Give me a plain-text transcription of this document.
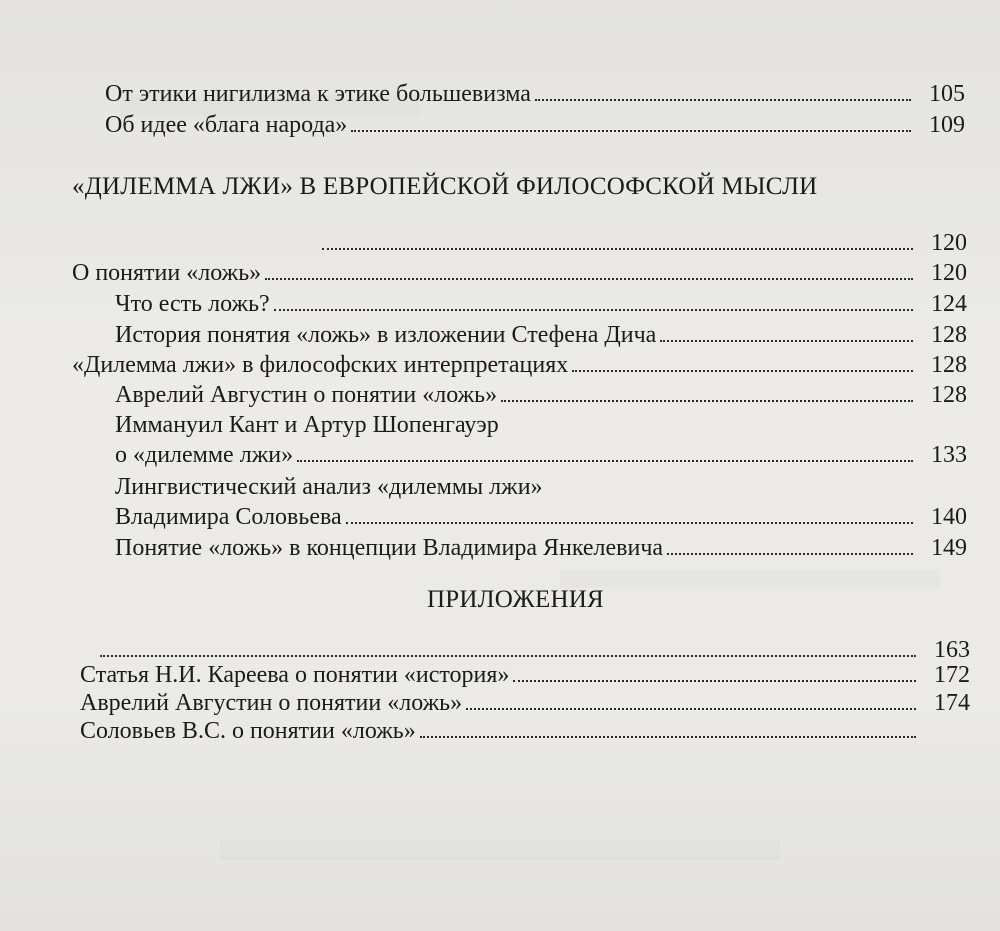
От этики нигилизма к этике большевизма	105
Об идее «блага народа»	109
«ДИЛЕММА ЛЖИ» В ЕВРОПЕЙСКОЙ ФИЛОСОФСКОЙ МЫСЛИ
120
О понятии «ложь»	120
Что есть ложь?	124
История понятия «ложь» в изложении Стефена Дича	128
«Дилемма лжи» в философских интерпретациях	128
Аврелий Августин о понятии «ложь»	128
Иммануил Кант и Артур Шопенгауэр
о «дилемме лжи»	133
Лингвистический анализ «дилеммы лжи»
Владимира Соловьева	140
Понятие «ложь» в концепции Владимира Янкелевича	149
ПРИЛОЖЕНИЯ
163
Статья Н.И. Кареева о понятии «история»	172
Аврелий Августин о понятии «ложь»	174
Соловьев В.С. о понятии «ложь»
